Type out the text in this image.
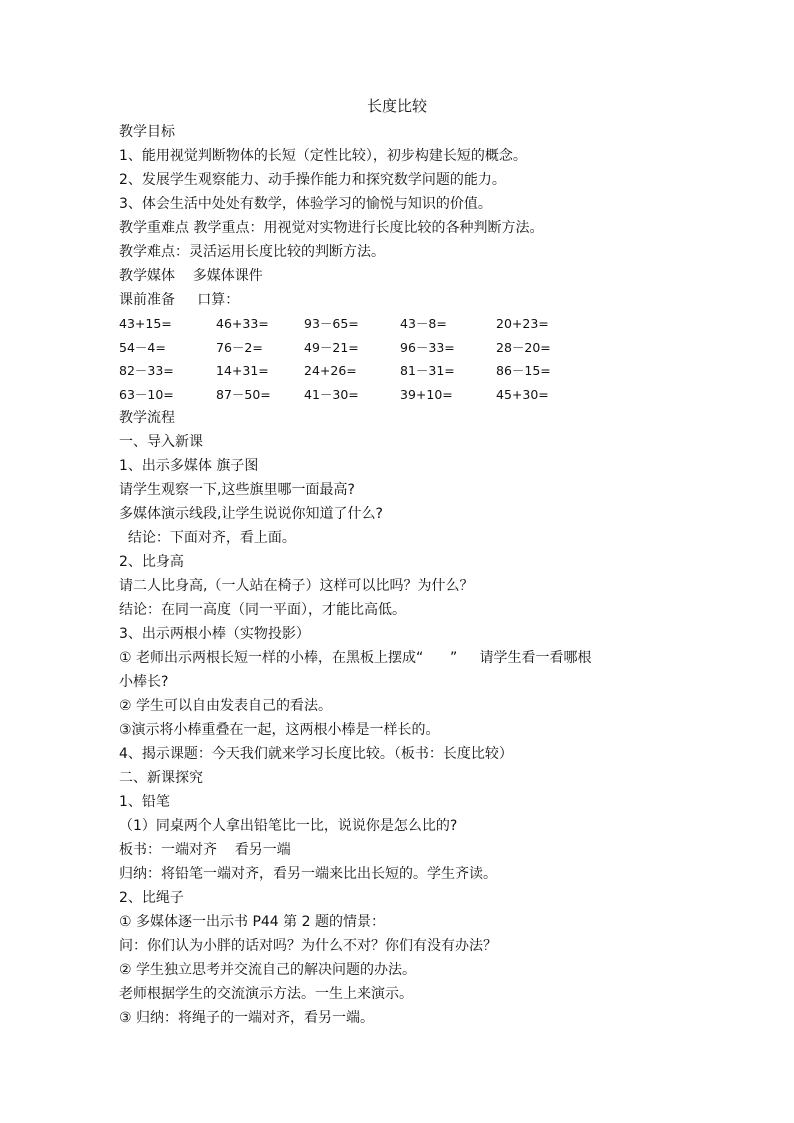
长度比较
教学目标
1、能用视觉判断物体的长短（定性比较），初步构建长短的概念。
2、发展学生观察能力、动手操作能力和探究数学问题的能力。
3、体会生活中处处有数学，体验学习的愉悦与知识的价值。
教学重难点 教学重点：用视觉对实物进行长度比较的各种判断方法。
教学难点：灵活运用长度比较的判断方法。
教学媒体    多媒体课件
课前准备     口算：
43+15=	46+33=	93－65=	43－8=	20+23=
54－4=	76－2=	49－21=	96－33=	28－20=
82－33=	14+31=	24+26=	81－31=	86－15=
63－10=	87－50=	41－30=	39+10=	45+30=
教学流程
一、导入新课
1、出示多媒体 旗子图
请学生观察一下,这些旗里哪一面最高?
多媒体演示线段,让学生说说你知道了什么?
结论：下面对齐，看上面。
2、比身高
请二人比身高,（一人站在椅子）这样可以比吗？为什么？
结论：在同一高度（同一平面），才能比高低。
3、出示两根小棒（实物投影）
① 老师出示两根长短一样的小棒，在黑板上摆成“      ”     请学生看一看哪根
小棒长?
② 学生可以自由发表自己的看法。
③演示将小棒重叠在一起，这两根小棒是一样长的。
4、揭示课题：今天我们就来学习长度比较。（板书：长度比较）
二、新课探究
1、铅笔
（1）同桌两个人拿出铅笔比一比，说说你是怎么比的?
板书：一端对齐    看另一端
归纳：将铅笔一端对齐，看另一端来比出长短的。学生齐读。
2、比绳子
① 多媒体逐一出示书 P44 第 2 题的情景：
问：你们认为小胖的话对吗？为什么不对？你们有没有办法？
② 学生独立思考并交流自己的解决问题的办法。
老师根据学生的交流演示方法。一生上来演示。
③ 归纳：将绳子的一端对齐，看另一端。
